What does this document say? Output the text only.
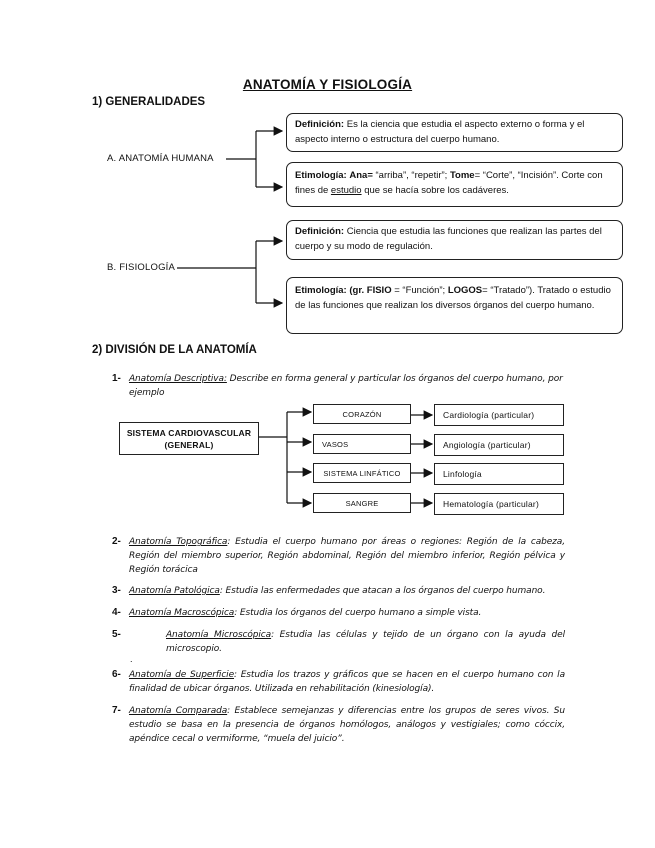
ANATOMÍA Y FISIOLOGÍA
1) GENERALIDADES
A. ANATOMÍA HUMANA
Definición: Es la ciencia que estudia el aspecto externo o forma y el aspecto interno o estructura del cuerpo humano.
Etimología: Ana= “arriba”, “repetir”; Tome= “Corte”, “Incisión”. Corte con fines de estudio que se hacía sobre los cadáveres.
B. FISIOLOGÍA
Definición: Ciencia que estudia las funciones que realizan las partes del cuerpo y su modo de regulación.
Etimología: (gr. FISIO = “Función”; LOGOS= “Tratado”). Tratado o estudio de las funciones que realizan los diversos órganos del cuerpo humano.
2) DIVISIÓN DE LA ANATOMÍA
1- Anatomía Descriptiva: Describe en forma general y particular los órganos del cuerpo humano, por ejemplo
SISTEMA CARDIOVASCULAR (GENERAL)
CORAZÓN
VASOS
SISTEMA LINFÁTICO
SANGRE
Cardiología (particular)
Angiología (particular)
Linfología
Hematología (particular)
2- Anatomía Topográfica: Estudia el cuerpo humano por áreas o regiones: Región de la cabeza, Región del miembro superior, Región abdominal, Región del miembro inferior, Región pélvica y Región torácica
3- Anatomía Patológica: Estudia las enfermedades que atacan a los órganos del cuerpo humano.
4- Anatomía Macroscópica: Estudia los órganos del cuerpo humano a simple vista.
5-	Anatomía Microscópica: Estudia las células y tejido de un órgano con la ayuda del microscopio.
.
6- Anatomía de Superficie: Estudia los trazos y gráficos que se hacen en el cuerpo humano con la finalidad de ubicar órganos. Utilizada en rehabilitación (kinesiología).
7- Anatomía Comparada: Establece semejanzas y diferencias entre los grupos de seres vivos. Su estudio se basa en la presencia de órganos homólogos, análogos y vestigiales; como cóccix, apéndice cecal o vermiforme, “muela del juicio”.
